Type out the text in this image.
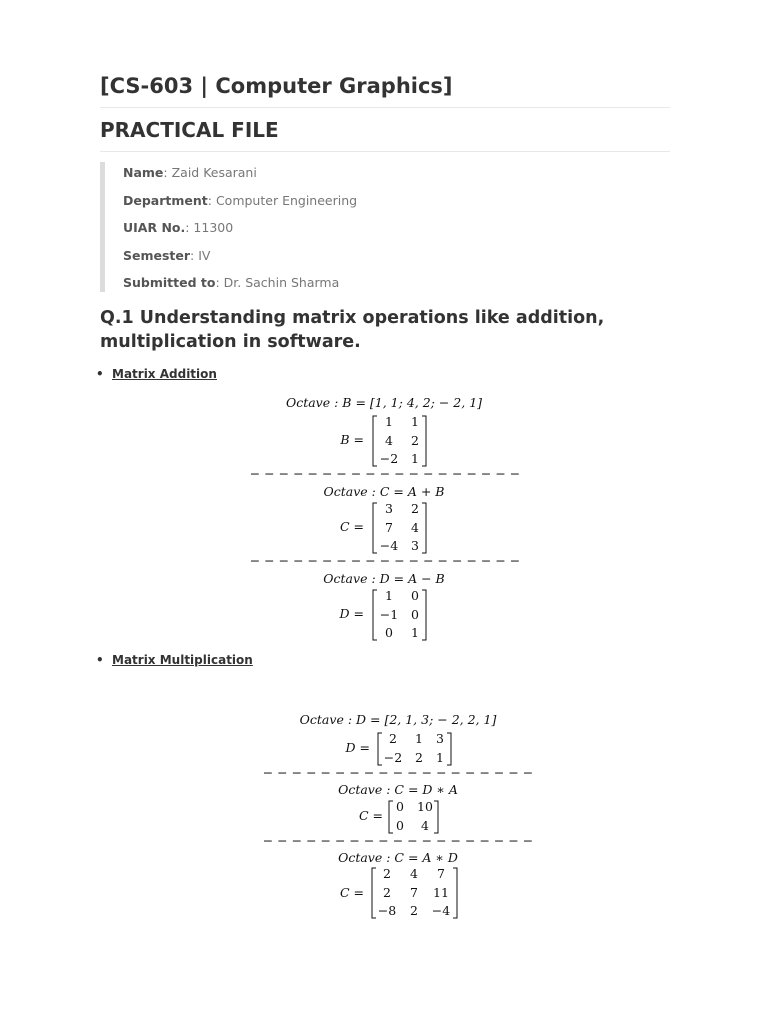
[CS-603 | Computer Graphics]
PRACTICAL FILE
Name: Zaid Kesarani
Department: Computer Engineering
UIAR No.: 11300
Semester: IV
Submitted to: Dr. Sachin Sharma
Q.1 Understanding matrix operations like addition, multiplication in software.
• Matrix Addition
• Matrix Multiplication
Octave : B = [1, 1; 4, 2; − 2, 1]
B =
1 1
4 2
−2 1
− − − − − − − − − − − − − − − − − − −
Octave : C = A + B
C =
3 2
7 4
−4 3
− − − − − − − − − − − − − − − − − − −
Octave : D = A − B
D =
1 0
−1 0
0 1
Octave : D = [2, 1, 3; − 2, 2, 1]
D =
2 1 3
−2 2 1
− − − − − − − − − − − − − − − − − − −
Octave : C = D ∗ A
C =
0 10
0 4
− − − − − − − − − − − − − − − − − − −
Octave : C = A ∗ D
C =
2 4 7
2 7 11
−8 2 −4
